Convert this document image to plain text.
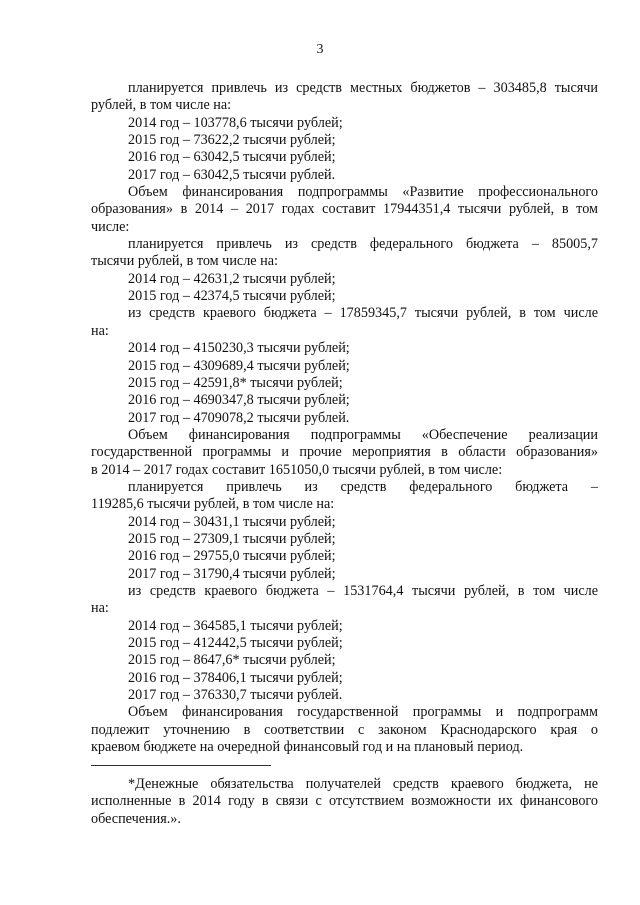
3
планируется привлечь из средств местных бюджетов – 303485,8 тысячи
рублей, в том числе на:
2014 год – 103778,6 тысячи рублей;
2015 год – 73622,2 тысячи рублей;
2016 год – 63042,5 тысячи рублей;
2017 год – 63042,5 тысячи рублей.
Объем финансирования подпрограммы «Развитие профессионального
образования» в 2014 – 2017 годах составит 17944351,4 тысячи рублей, в том
числе:
планируется привлечь из средств федерального бюджета – 85005,7
тысячи рублей, в том числе на:
2014 год – 42631,2 тысячи рублей;
2015 год – 42374,5 тысячи рублей;
из средств краевого бюджета – 17859345,7 тысячи рублей, в том числе
на:
2014 год – 4150230,3 тысячи рублей;
2015 год – 4309689,4 тысячи рублей;
2015 год – 42591,8* тысячи рублей;
2016 год – 4690347,8 тысячи рублей;
2017 год – 4709078,2 тысячи рублей.
Объем финансирования подпрограммы «Обеспечение реализации
государственной программы и прочие мероприятия в области образования»
в 2014 – 2017 годах составит 1651050,0 тысячи рублей, в том числе:
планируется привлечь из средств федерального бюджета –
119285,6 тысячи рублей, в том числе на:
2014 год – 30431,1 тысячи рублей;
2015 год – 27309,1 тысячи рублей;
2016 год – 29755,0 тысячи рублей;
2017 год – 31790,4 тысячи рублей;
из средств краевого бюджета – 1531764,4 тысячи рублей, в том числе
на:
2014 год – 364585,1 тысячи рублей;
2015 год – 412442,5 тысячи рублей;
2015 год – 8647,6* тысячи рублей;
2016 год – 378406,1 тысячи рублей;
2017 год – 376330,7 тысячи рублей.
Объем финансирования государственной программы и подпрограмм
подлежит уточнению в соответствии с законом Краснодарского края о
краевом бюджете на очередной финансовый год и на плановый период.
*Денежные обязательства получателей средств краевого бюджета, не
исполненные в 2014 году в связи с отсутствием возможности их финансового
обеспечения.».
